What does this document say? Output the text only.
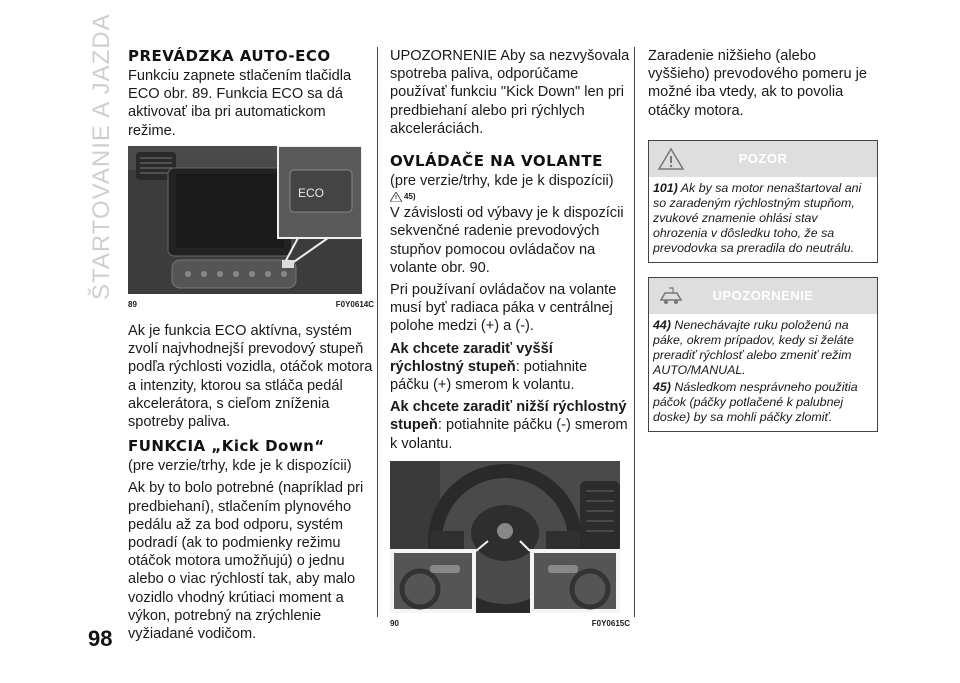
ŠTARTOVANIE A JAZDA
98
PREVÁDZKA AUTO-ECO

Funkciu zapnete stlačením tlačidla ECO obr. 89. Funkcia ECO sa dá aktivovať iba pri automatickom režime.

ECO
89	F0Y0614C

Ak je funkcia ECO aktívna, systém zvolí najvhodnejší prevodový stupeň podľa rýchlosti vozidla, otáčok motora a intenzity, ktorou sa stláča pedál akcelerátora, s cieľom zníženia spotreby paliva.

FUNKCIA „Kick Down“

(pre verzie/trhy, kde je k dispozícii)

Ak by to bolo potrebné (napríklad pri predbiehaní), stlačením plynového pedálu až za bod odporu, systém podradí (ak to podmienky režimu otáčok motora umožňujú) o jednu alebo o viac rýchlostí tak, aby malo vozidlo vhodný krútiaci moment a výkon, potrebný na zrýchlenie vyžiadané vodičom.

UPOZORNENIE Aby sa nezvyšovala spotreba paliva, odporúčame používať funkciu "Kick Down" len pri predbiehaní alebo pri rýchlych akceleráciách.

OVLÁDAČE NA VOLANTE

(pre verzie/trhy, kde je k dispozícii)

45)

V závislosti od výbavy je k dispozícii sekvenčné radenie prevodových stupňov pomocou ovládačov na volante obr. 90.

Pri používaní ovládačov na volante musí byť radiaca páka v centrálnej polohe medzi (+) a (-).

Ak chcete zaradiť vyšší rýchlostný stupeň: potiahnite páčku (+) smerom k volantu.

Ak chcete zaradiť nižší rýchlostný stupeň: potiahnite páčku (-) smerom k volantu.

90	F0Y0615C

Zaradenie nižšieho (alebo vyššieho) prevodového pomeru je možné iba vtedy, ak to povolia otáčky motora.

POZOR

101) Ak by sa motor nenaštartoval ani so zaradeným rýchlostným stupňom, zvukové znamenie ohlási stav ohrozenia v dôsledku toho, že sa prevodovka sa preradila do neutrálu.

UPOZORNENIE

44) Nenechávajte ruku položenú na páke, okrem prípadov, kedy si želáte preradiť rýchlosť alebo zmeniť režim AUTO/MANUAL.

45) Následkom nesprávneho použitia páčok (páčky potlačené k palubnej doske) by sa mohli páčky zlomiť.
